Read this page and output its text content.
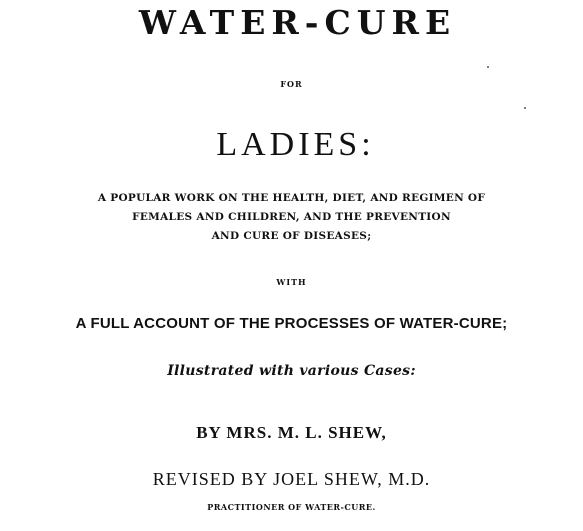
WATER-CURE
FOR
LADIES:
A POPULAR WORK ON THE HEALTH, DIET, AND REGIMEN OF
FEMALES AND CHILDREN, AND THE PREVENTION
AND CURE OF DISEASES;
WITH
A FULL ACCOUNT OF THE PROCESSES OF WATER-CURE;
Illustrated with various Cases:
BY MRS. M. L. SHEW,
REVISED BY JOEL SHEW, M.D.
PRACTITIONER OF WATER-CURE.
